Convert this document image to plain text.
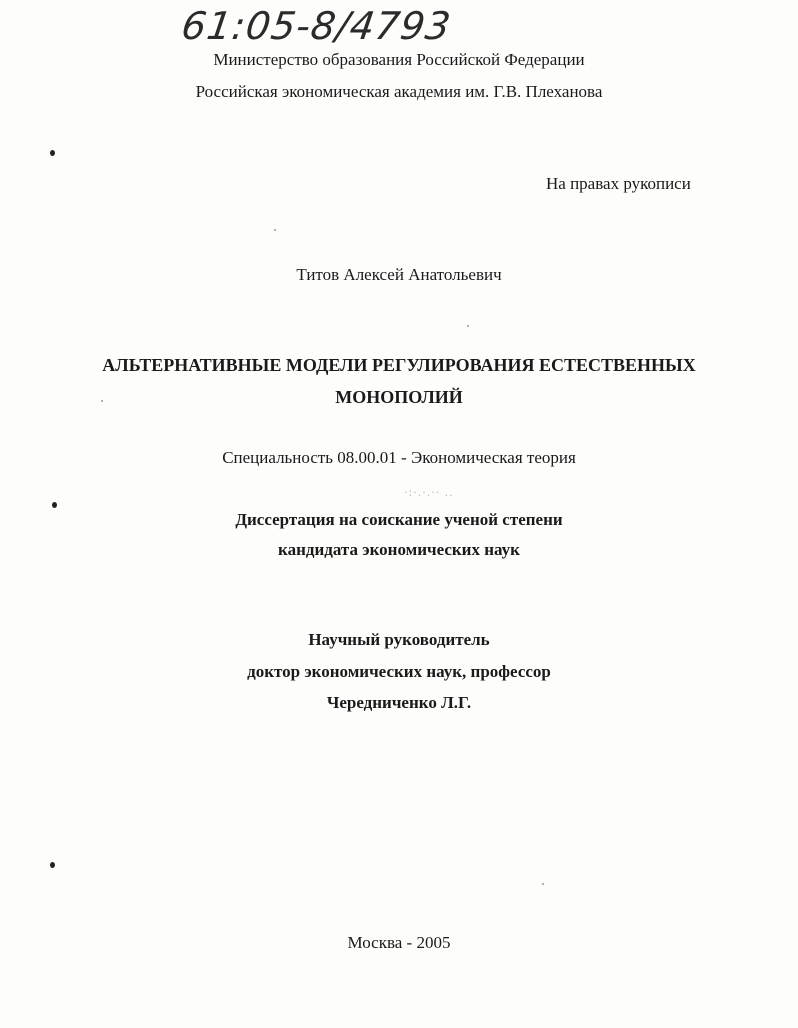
61:05-8/4793
Министерство образования Российской Федерации
Российская экономическая академия им. Г.В. Плеханова
На правах рукописи
Титов Алексей Анатольевич
АЛЬТЕРНАТИВНЫЕ МОДЕЛИ РЕГУЛИРОВАНИЯ ЕСТЕСТВЕННЫХ
МОНОПОЛИЙ
Специальность 08.00.01 - Экономическая теория
Диссертация на соискание ученой степени
кандидата экономических наук
Научный руководитель
доктор экономических наук, профессор
Чередниченко Л.Г.
Москва - 2005
·:·.·.·· ..
